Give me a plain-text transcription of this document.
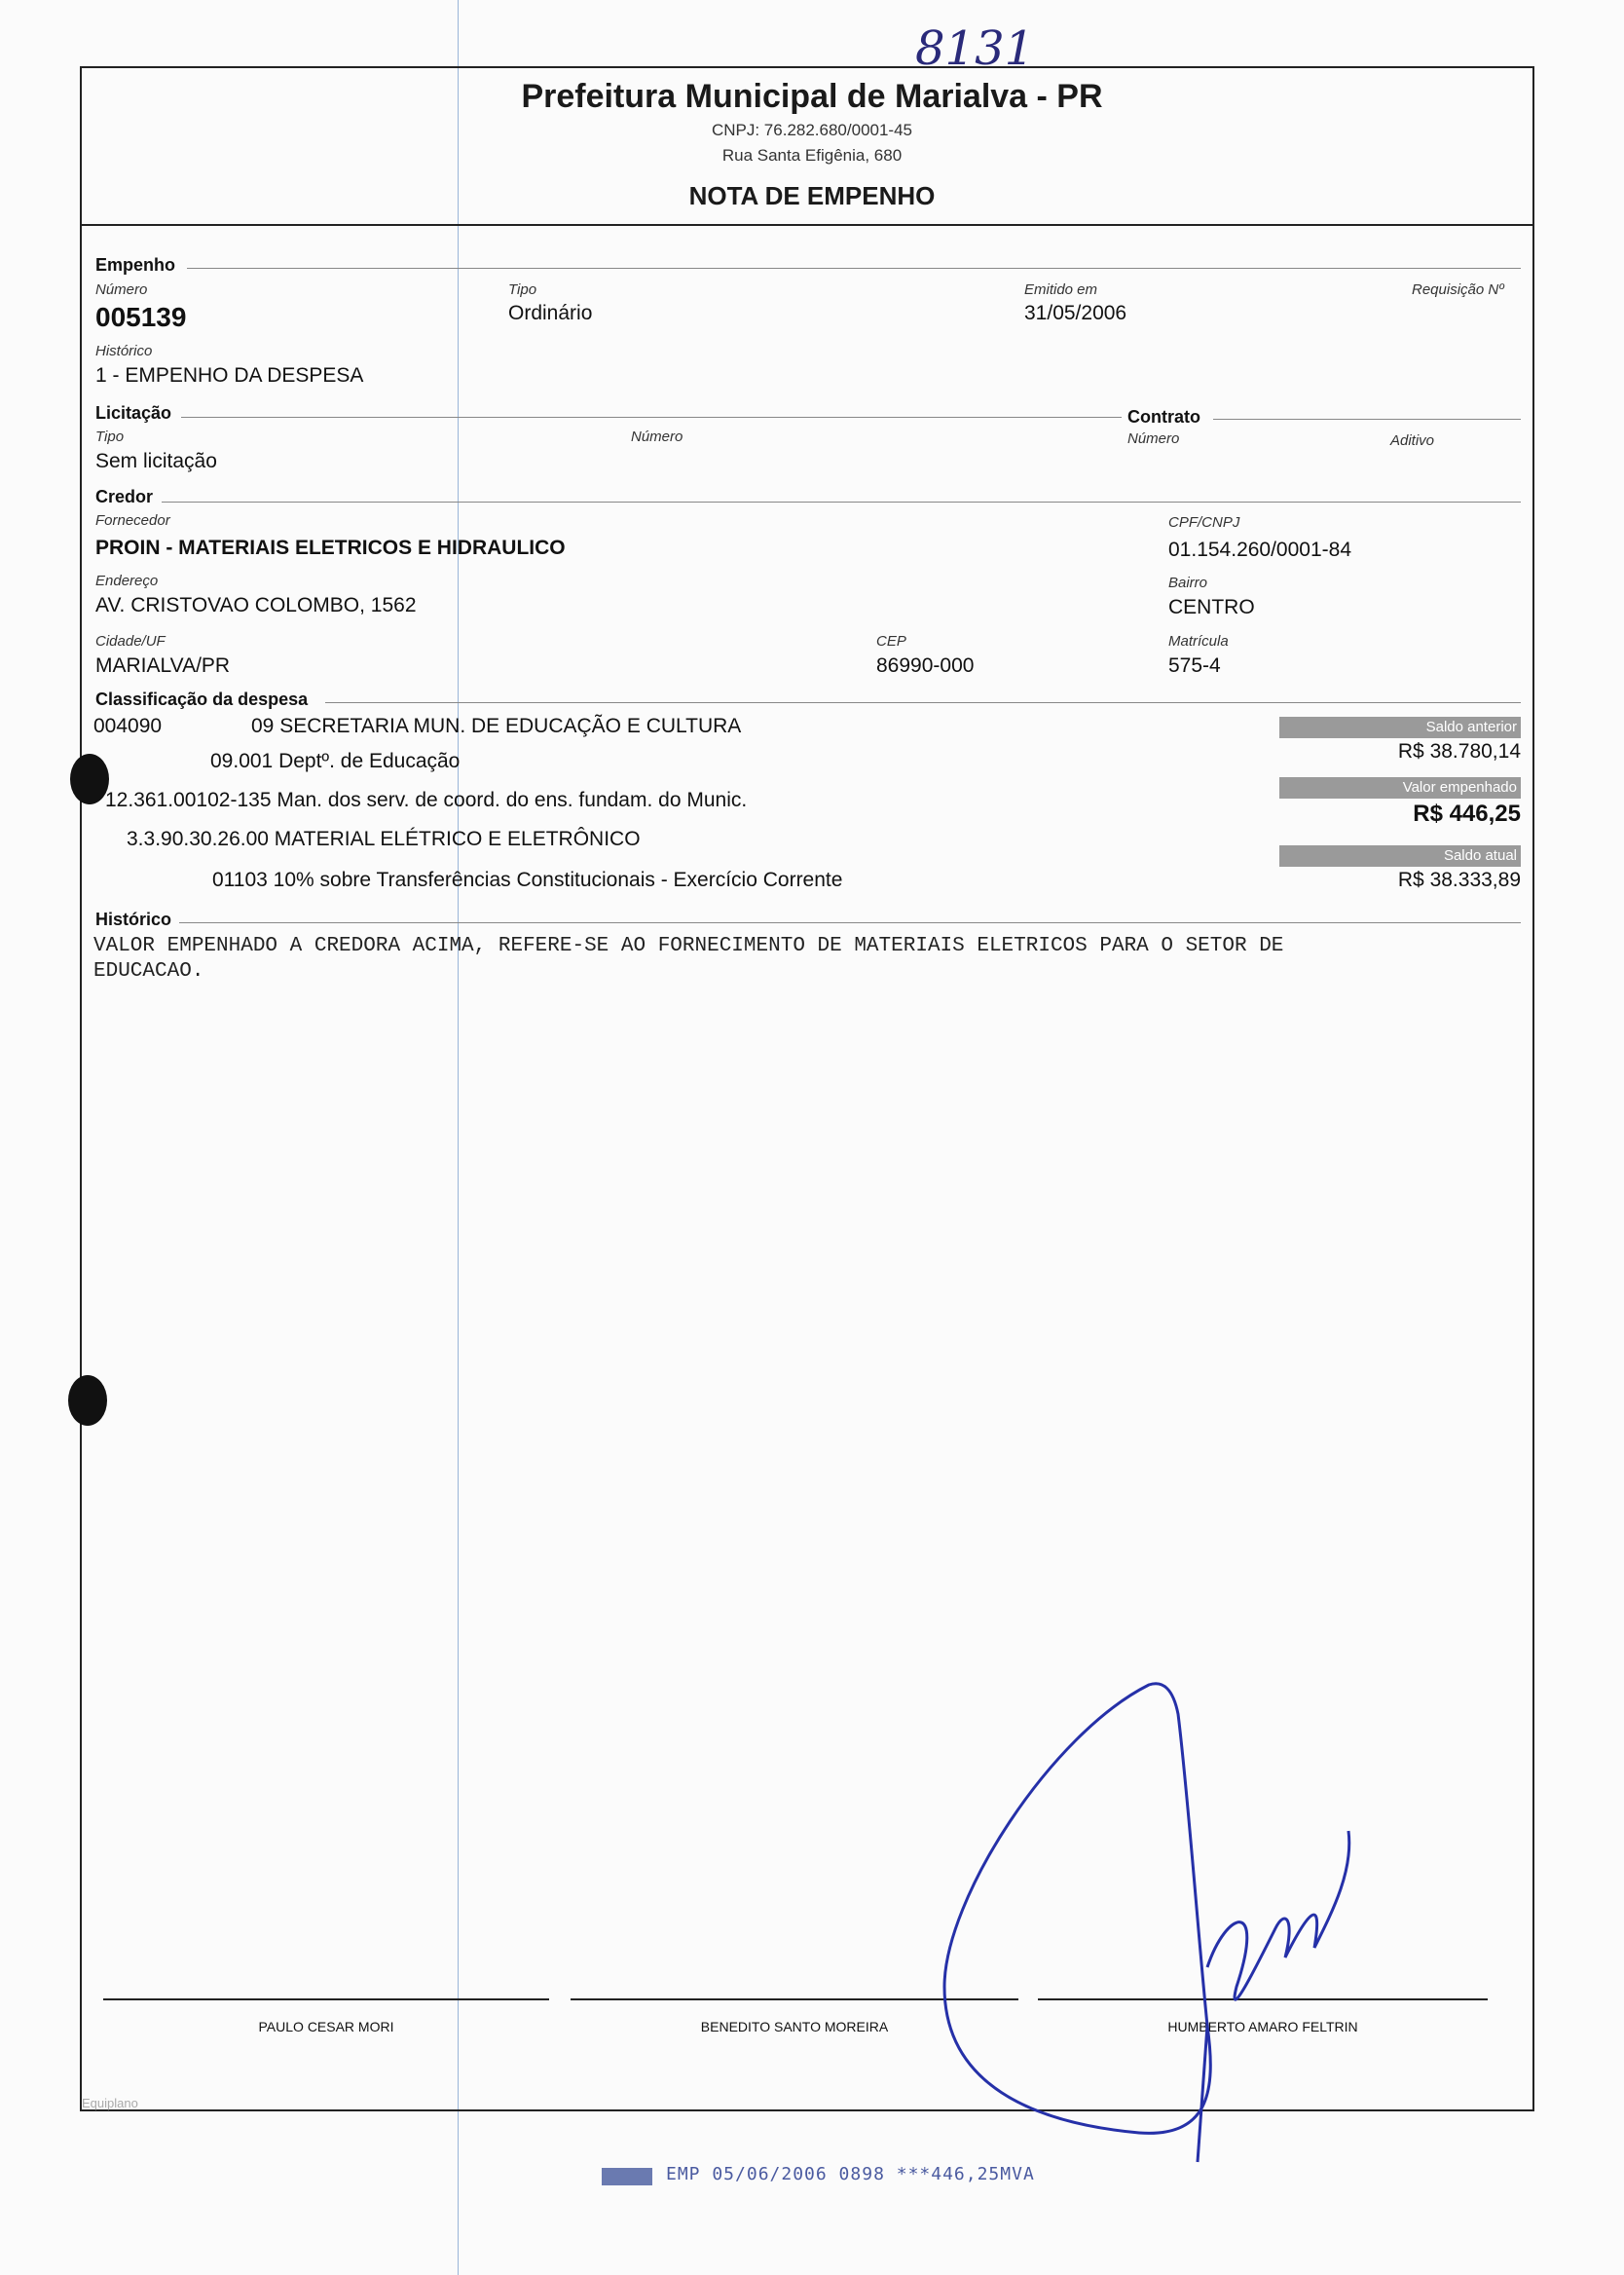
8131
Prefeitura Municipal de Marialva - PR
CNPJ: 76.282.680/0001-45
Rua Santa Efigênia, 680
NOTA DE EMPENHO
Empenho
Número
005139
Tipo
Ordinário
Emitido em
31/05/2006
Requisição Nº
Histórico
1 - EMPENHO DA DESPESA
Licitação
Tipo
Sem licitação
Número
Contrato
Número	Aditivo
Credor
Fornecedor
PROIN - MATERIAIS ELETRICOS E HIDRAULICO
CPF/CNPJ
01.154.260/0001-84
Endereço
AV. CRISTOVAO COLOMBO, 1562
Bairro
CENTRO
Cidade/UF
MARIALVA/PR
CEP
86990-000
Matrícula
575-4
Classificação da despesa
004090	09 SECRETARIA MUN. DE EDUCAÇÃO E CULTURA
09.001 Deptº. de Educação
12.361.00102-135 Man. dos serv. de coord. do ens. fundam. do Munic.
3.3.90.30.26.00 MATERIAL ELÉTRICO E ELETRÔNICO
01103 10% sobre Transferências Constitucionais - Exercício Corrente
Saldo anterior
R$ 38.780,14
Valor empenhado
R$ 446,25
Saldo atual
R$ 38.333,89
Histórico
VALOR EMPENHADO A CREDORA ACIMA, REFERE-SE AO FORNECIMENTO DE MATERIAIS ELETRICOS PARA O SETOR DE
EDUCACAO.
PAULO CESAR MORI	BENEDITO SANTO MOREIRA	HUMBERTO AMARO FELTRIN
Equiplano
EMP 05/06/2006 0898 ***446,25MVA
